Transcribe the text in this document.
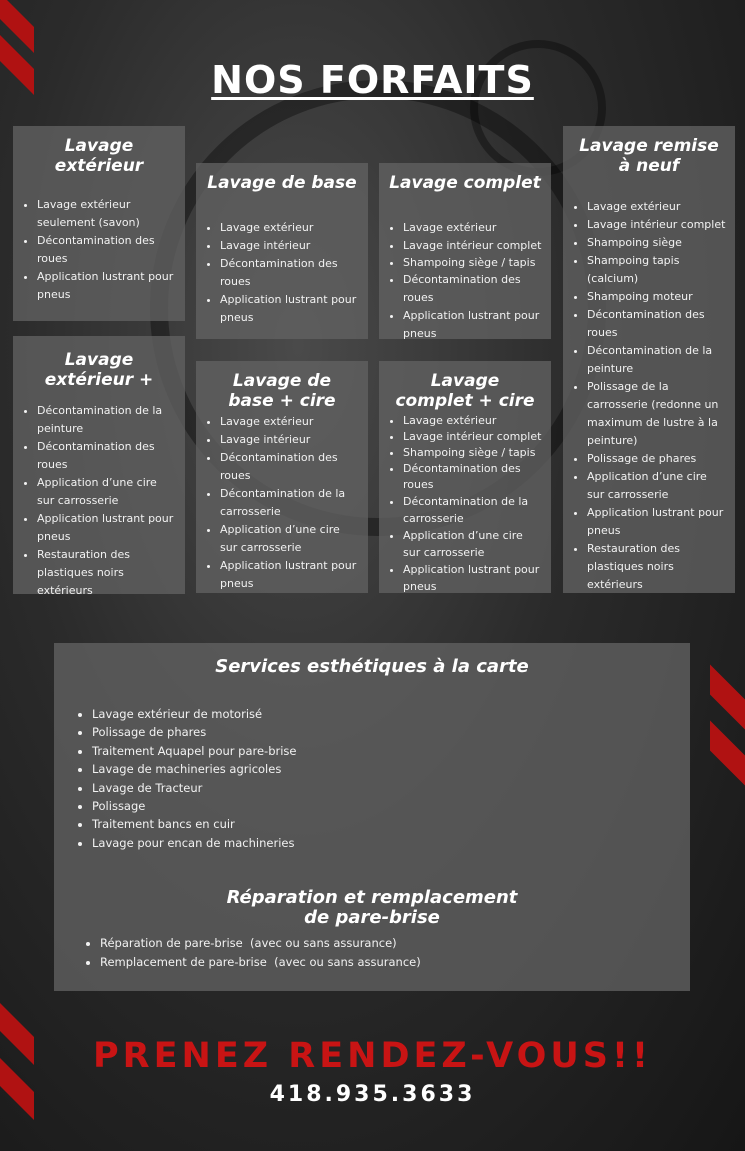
NOS FORFAITS
Lavage extérieur
• Lavage extérieur seulement (savon)
• Décontamination des roues
• Application lustrant pour pneus
Lavage de base
• Lavage extérieur
• Lavage intérieur
• Décontamination des roues
• Application lustrant pour pneus
Lavage complet
• Lavage extérieur
• Lavage intérieur complet
• Shampoing siège / tapis
• Décontamination des roues
• Application lustrant pour pneus
Lavage remise à neuf
• Lavage extérieur
• Lavage intérieur complet
• Shampoing siège
• Shampoing tapis (calcium)
• Shampoing moteur
• Décontamination des roues
• Décontamination de la peinture
• Polissage de la carrosserie (redonne un maximum de lustre à la peinture)
• Polissage de phares
• Application d’une cire sur carrosserie
• Application lustrant pour pneus
• Restauration des plastiques noirs extérieurs
Lavage extérieur +
• Décontamination de la peinture
• Décontamination des roues
• Application d’une cire sur carrosserie
• Application lustrant pour pneus
• Restauration des plastiques noirs extérieurs
Lavage de base + cire
• Lavage extérieur
• Lavage intérieur
• Décontamination des roues
• Décontamination de la carrosserie
• Application d’une cire sur carrosserie
• Application lustrant pour pneus
Lavage complet + cire
• Lavage extérieur
• Lavage intérieur complet
• Shampoing siège / tapis
• Décontamination des roues
• Décontamination de la carrosserie
• Application d’une cire sur carrosserie
• Application lustrant pour pneus
Services esthétiques à la carte
• Lavage extérieur de motorisé
• Polissage de phares
• Traitement Aquapel pour pare-brise
• Lavage de machineries agricoles
• Lavage de Tracteur
• Polissage
• Traitement bancs en cuir
• Lavage pour encan de machineries
Réparation et remplacement de pare-brise
• Réparation de pare-brise  (avec ou sans assurance)
• Remplacement de pare-brise  (avec ou sans assurance)
PRENEZ RENDEZ-VOUS!!
418.935.3633
